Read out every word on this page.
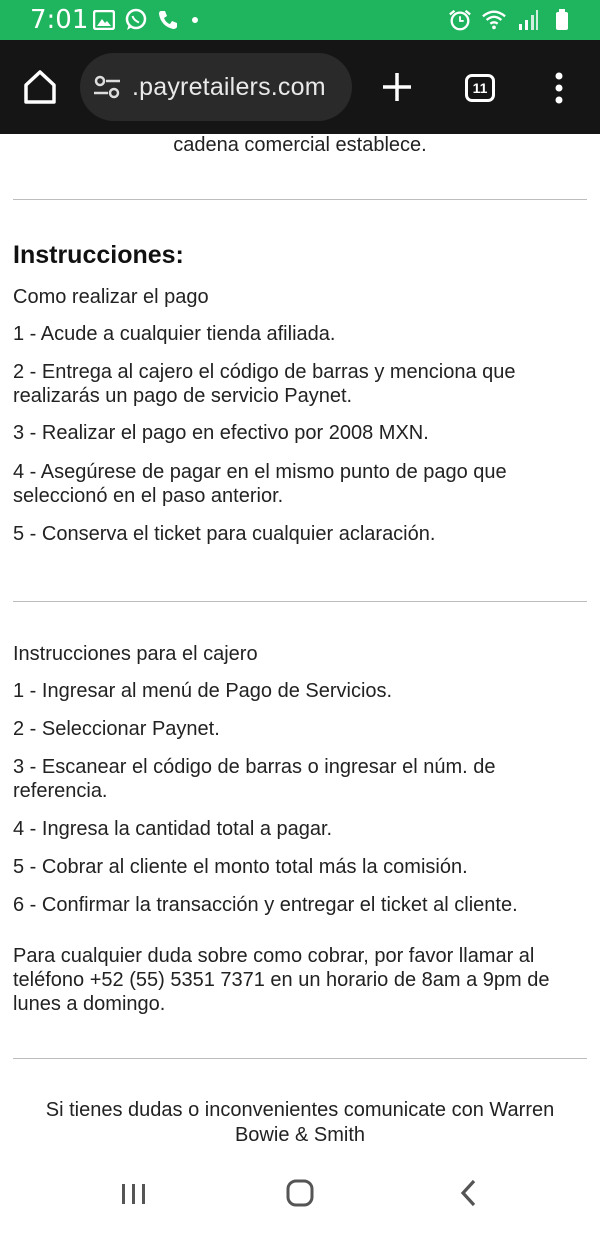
7:01
.payretailers.com	11
cadena comercial establece.
Instrucciones:
Como realizar el pago
1 - Acude a cualquier tienda afiliada.
2 - Entrega al cajero el código de barras y menciona que realizarás un pago de servicio Paynet.
3 - Realizar el pago en efectivo por 2008 MXN.
4 - Asegúrese de pagar en el mismo punto de pago que seleccionó en el paso anterior.
5 - Conserva el ticket para cualquier aclaración.
Instrucciones para el cajero
1 - Ingresar al menú de Pago de Servicios.
2 - Seleccionar Paynet.
3 - Escanear el código de barras o ingresar el núm. de referencia.
4 - Ingresa la cantidad total a pagar.
5 - Cobrar al cliente el monto total más la comisión.
6 - Confirmar la transacción y entregar el ticket al cliente.
Para cualquier duda sobre como cobrar, por favor llamar al teléfono +52 (55) 5351 7371 en un horario de 8am a 9pm de lunes a domingo.
Si tienes dudas o inconvenientes comunicate con Warren Bowie & Smith
